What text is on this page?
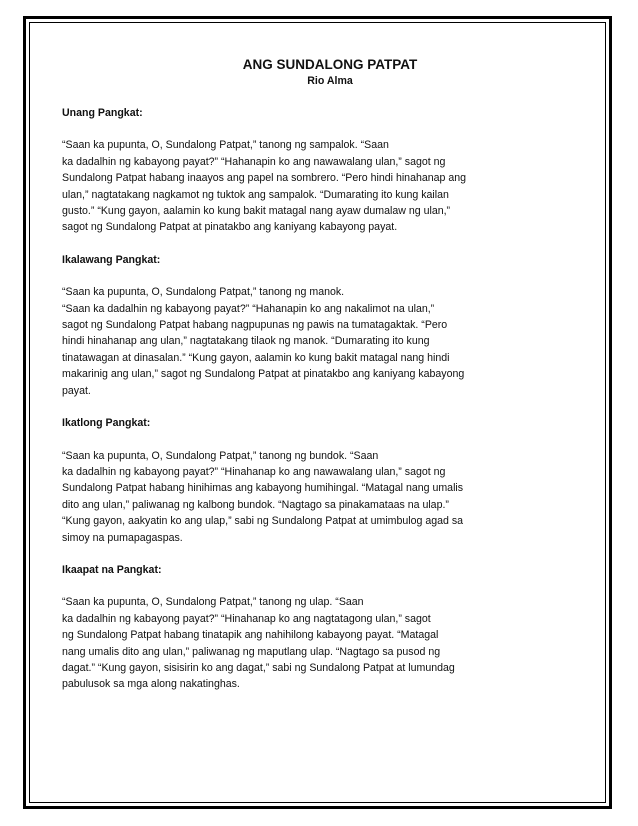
ANG SUNDALONG PATPAT

Rio Alma

Unang Pangkat:

“Saan ka pupunta, O, Sundalong Patpat,” tanong ng sampalok. “Saan
ka dadalhin ng kabayong payat?” “Hahanapin ko ang nawawalang ulan,” sagot ng
Sundalong Patpat habang inaayos ang papel na sombrero. “Pero hindi hinahanap ang
ulan,” nagtatakang nagkamot ng tuktok ang sampalok. “Dumarating ito kung kailan
gusto.” “Kung gayon, aalamin ko kung bakit matagal nang ayaw dumalaw ng ulan,”
sagot ng Sundalong Patpat at pinatakbo ang kaniyang kabayong payat.

Ikalawang Pangkat:

“Saan ka pupunta, O, Sundalong Patpat,” tanong ng manok.
“Saan ka dadalhin ng kabayong payat?” “Hahanapin ko ang nakalimot na ulan,”
sagot ng Sundalong Patpat habang nagpupunas ng pawis na tumatagaktak. “Pero
hindi hinahanap ang ulan,” nagtatakang tilaok ng manok. “Dumarating ito kung
tinatawagan at dinasalan.” “Kung gayon, aalamin ko kung bakit matagal nang hindi
makarinig ang ulan,” sagot ng Sundalong Patpat at pinatakbo ang kaniyang kabayong
payat.

Ikatlong Pangkat:

“Saan ka pupunta, O, Sundalong Patpat,” tanong ng bundok. “Saan
ka dadalhin ng kabayong payat?” “Hinahanap ko ang nawawalang ulan,” sagot ng
Sundalong Patpat habang hinihimas ang kabayong humihingal. “Matagal nang umalis
dito ang ulan,” paliwanag ng kalbong bundok. “Nagtago sa pinakamataas na ulap.”
“Kung gayon, aakyatin ko ang ulap,” sabi ng Sundalong Patpat at umimbulog agad sa
simoy na pumapagaspas.

Ikaapat na Pangkat:

“Saan ka pupunta, O, Sundalong Patpat,” tanong ng ulap. “Saan
ka dadalhin ng kabayong payat?” “Hinahanap ko ang nagtatagong ulan,” sagot
ng Sundalong Patpat habang tinatapik ang nahihilong kabayong payat. “Matagal
nang umalis dito ang ulan,” paliwanag ng maputlang ulap. “Nagtago sa pusod ng
dagat.” “Kung gayon, sisisirin ko ang dagat,” sabi ng Sundalong Patpat at lumundag
pabulusok sa mga along nakatinghas.
